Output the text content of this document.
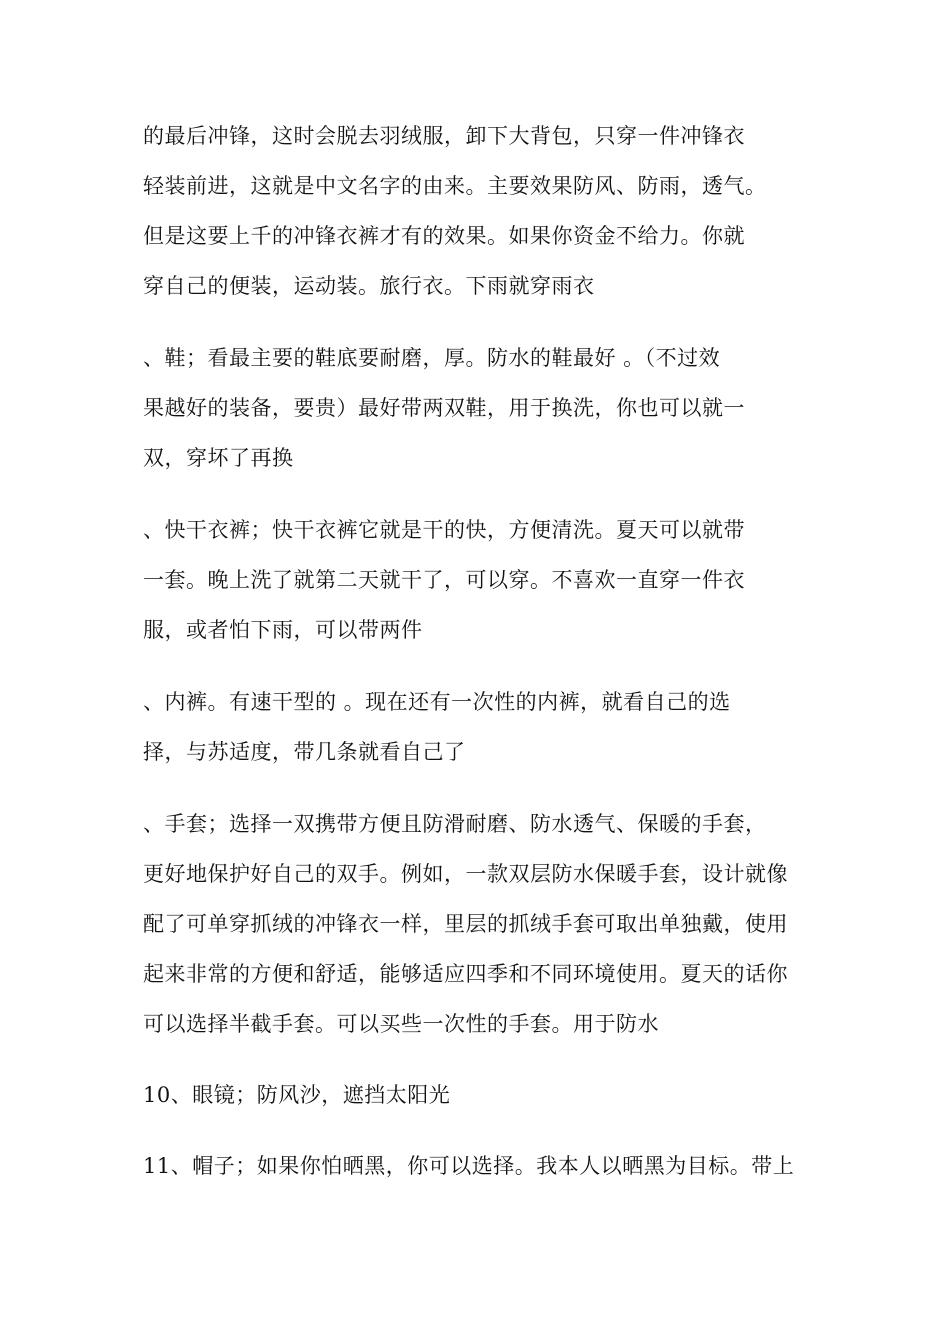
的最后冲锋，这时会脱去羽绒服，卸下大背包，只穿一件冲锋衣
轻装前进，这就是中文名字的由来。主要效果防风、防雨，透气。
但是这要上千的冲锋衣裤才有的效果。如果你资金不给力。你就
穿自己的便装，运动装。旅行衣。下雨就穿雨衣
、鞋；看最主要的鞋底要耐磨，厚。防水的鞋最好 。（不过效
果越好的装备，要贵）最好带两双鞋，用于换洗，你也可以就一
双，穿坏了再换
、快干衣裤；快干衣裤它就是干的快，方便清洗。夏天可以就带
一套。晚上洗了就第二天就干了，可以穿。不喜欢一直穿一件衣
服，或者怕下雨，可以带两件
、内裤。有速干型的 。现在还有一次性的内裤，就看自己的选
择，与苏适度，带几条就看自己了
、手套；选择一双携带方便且防滑耐磨、防水透气、保暖的手套，
更好地保护好自己的双手。例如，一款双层防水保暖手套，设计就像
配了可单穿抓绒的冲锋衣一样，里层的抓绒手套可取出单独戴，使用
起来非常的方便和舒适，能够适应四季和不同环境使用。夏天的话你
可以选择半截手套。可以买些一次性的手套。用于防水
10、眼镜；防风沙，遮挡太阳光
11、帽子；如果你怕晒黑，你可以选择。我本人以晒黑为目标。带上
